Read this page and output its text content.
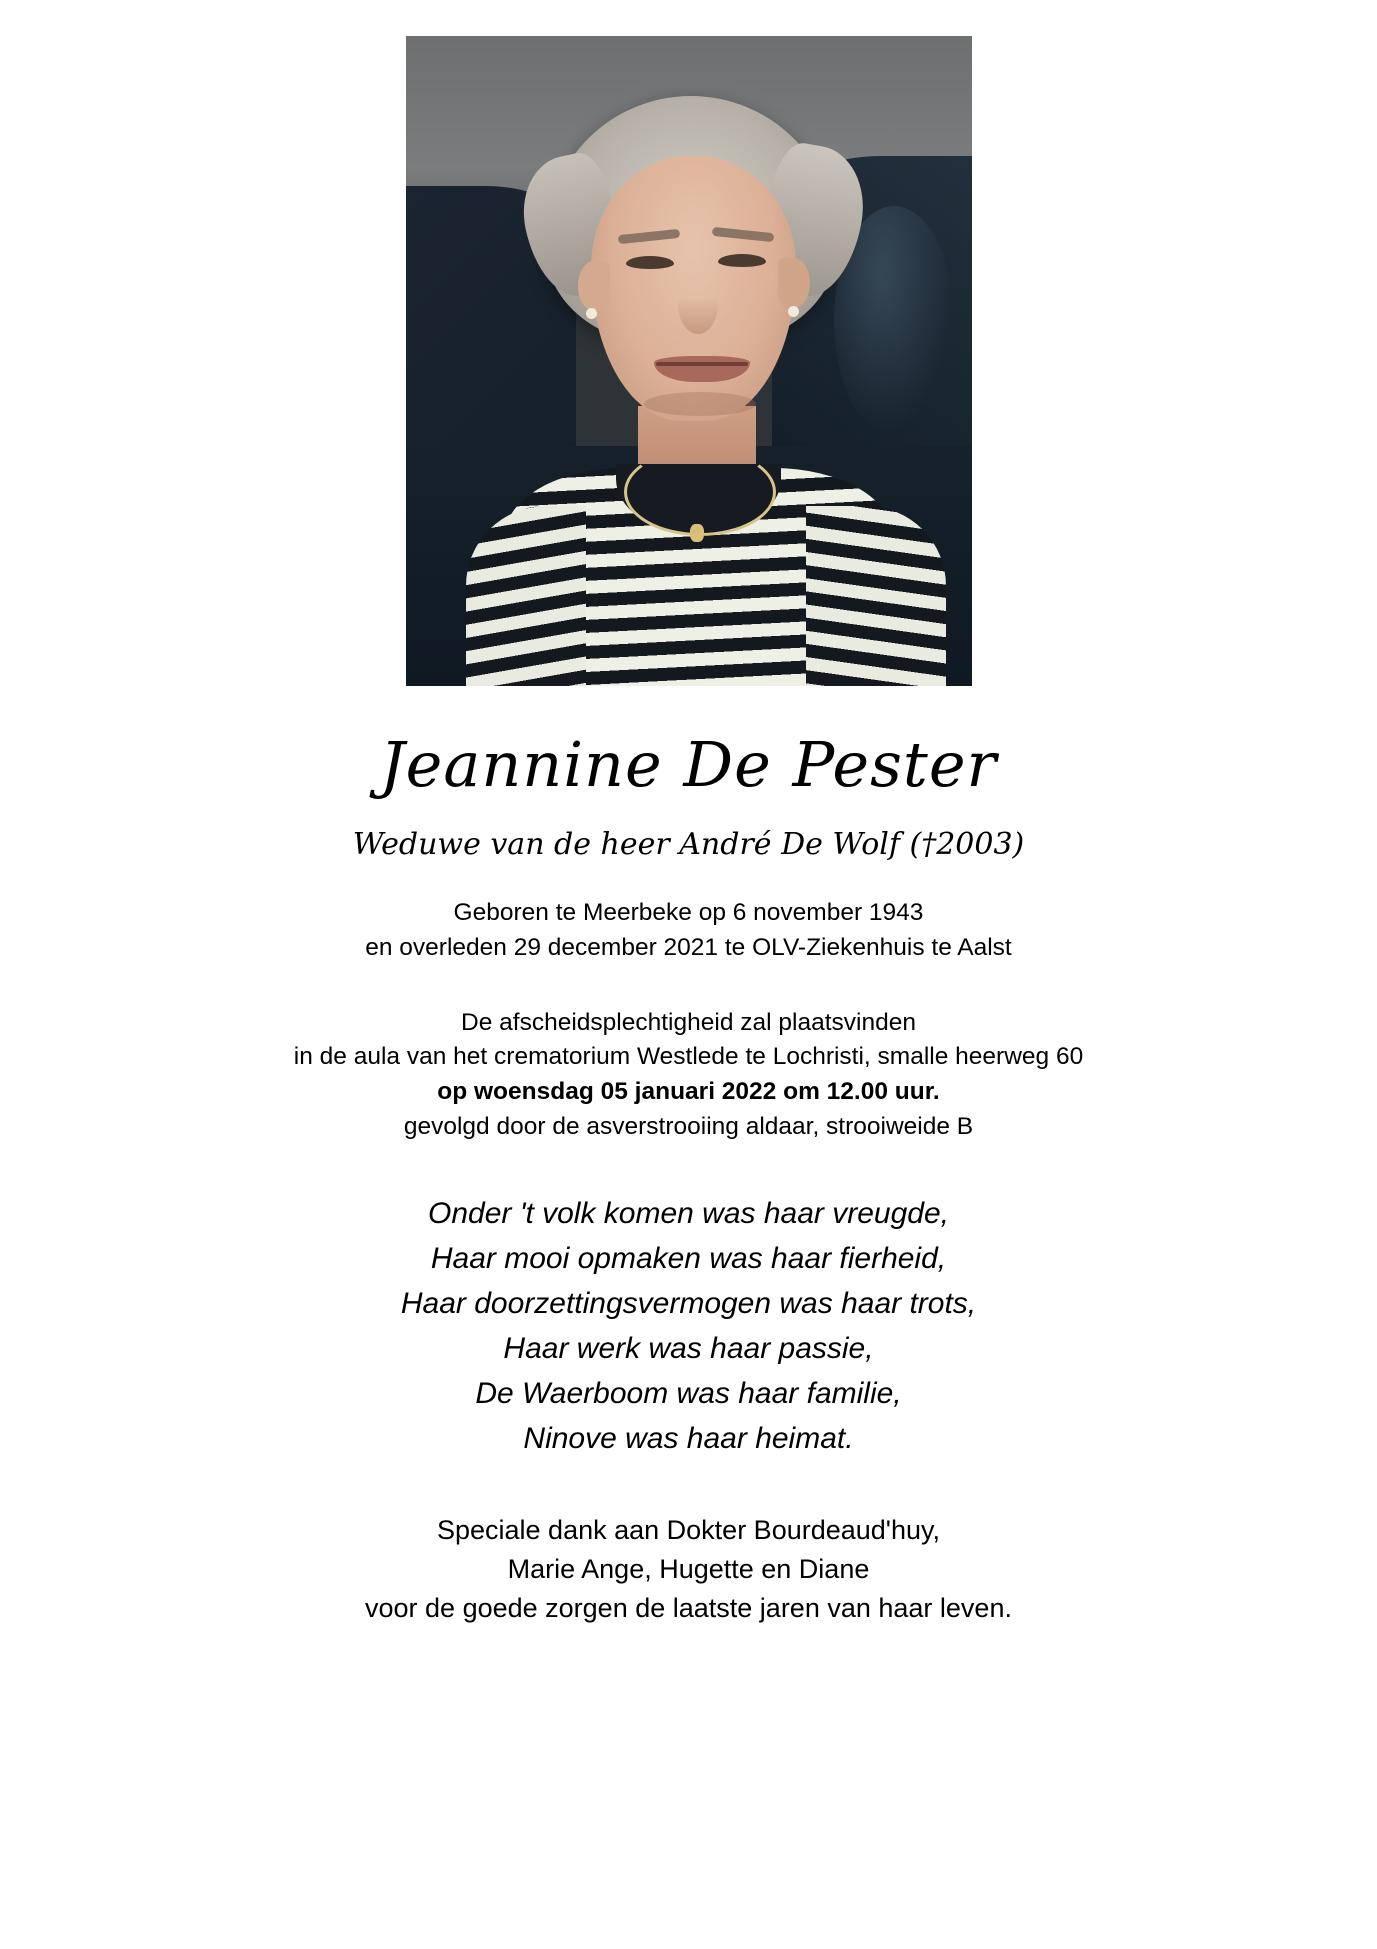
Jeannine De Pester
Weduwe van de heer André De Wolf (†2003)
Geboren te Meerbeke op 6 november 1943
en overleden 29 december 2021 te OLV-Ziekenhuis te Aalst
De afscheidsplechtigheid zal plaatsvinden
in de aula van het crematorium Westlede te Lochristi, smalle heerweg 60
op woensdag 05 januari 2022 om 12.00 uur.
gevolgd door de asverstrooiing aldaar, strooiweide B
Onder 't volk komen was haar vreugde,
Haar mooi opmaken was haar fierheid,
Haar doorzettingsvermogen was haar trots,
Haar werk was haar passie,
De Waerboom was haar familie,
Ninove was haar heimat.
Speciale dank aan Dokter Bourdeaud'huy,
Marie Ange, Hugette en Diane
voor de goede zorgen de laatste jaren van haar leven.
